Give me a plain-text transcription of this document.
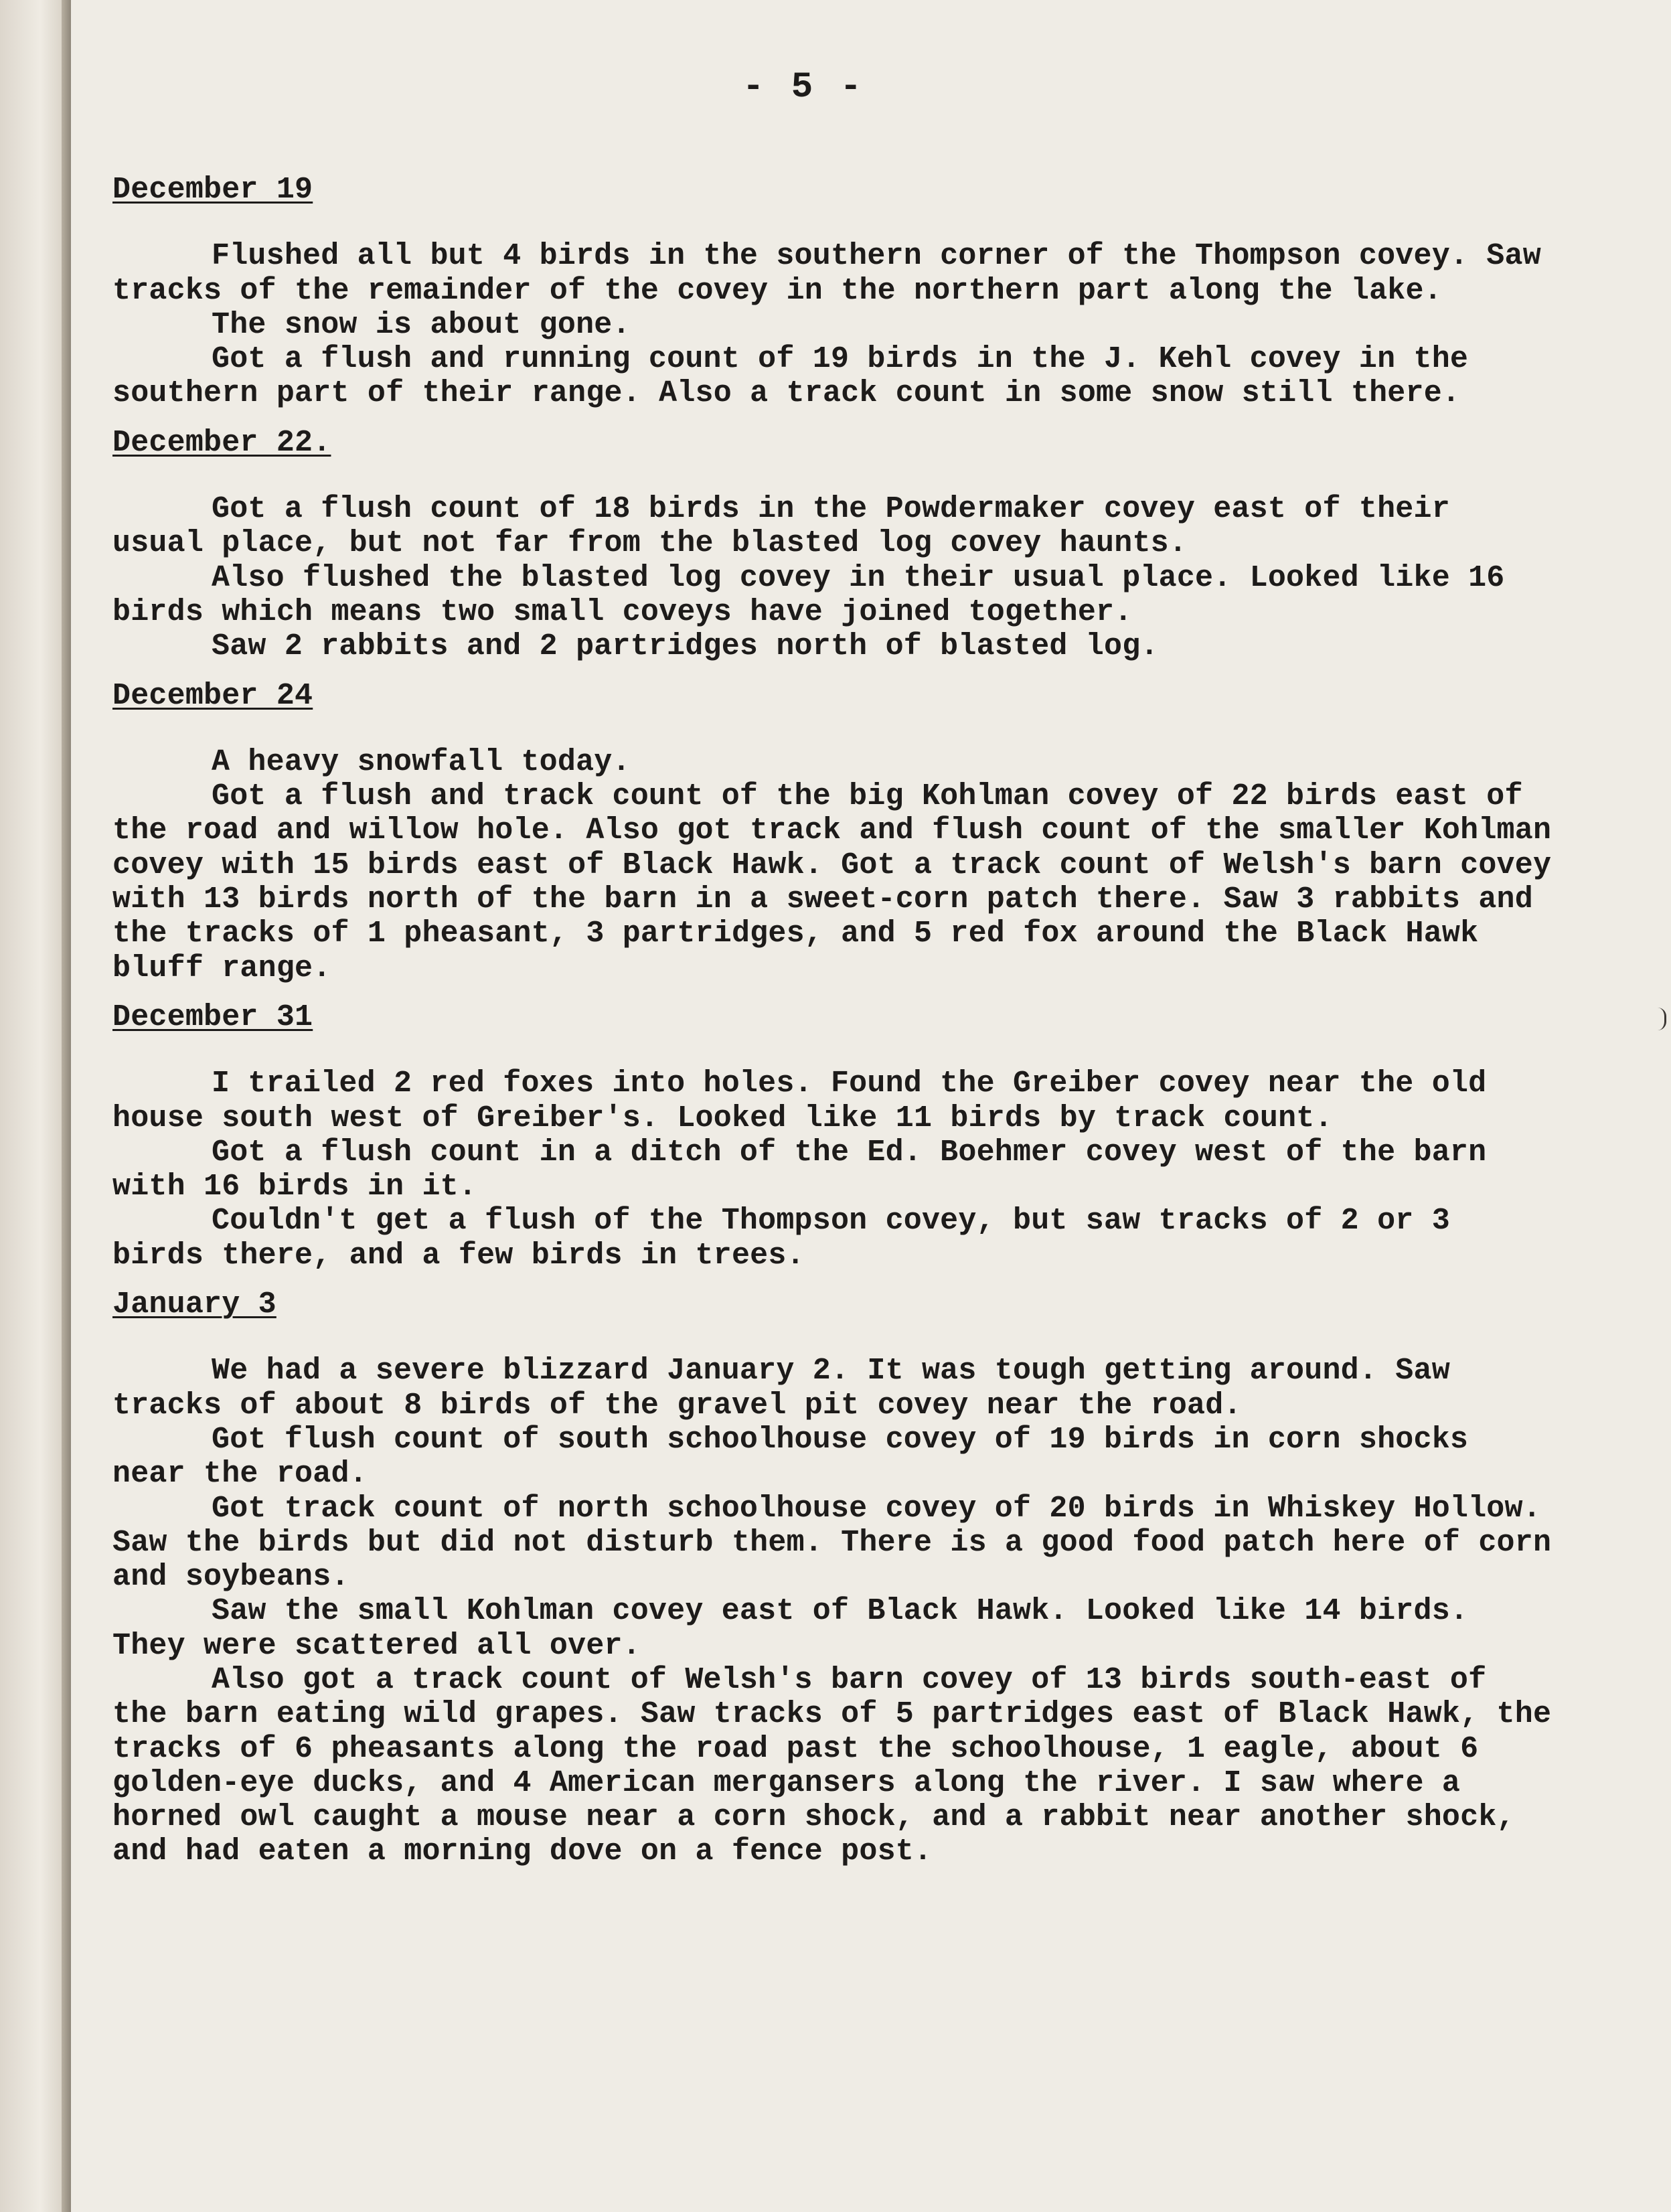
- 5 -
December 19

Flushed all but 4 birds in the southern corner of the Thompson covey. Saw tracks of the remainder of the covey in the northern part along the lake.

The snow is about gone.

Got a flush and running count of 19 birds in the J. Kehl covey in the southern part of their range. Also a track count in some snow still there.

December 22.

Got a flush count of 18 birds in the Powdermaker covey east of their usual place, but not far from the blasted log covey haunts.

Also flushed the blasted log covey in their usual place. Looked like 16 birds which means two small coveys have joined together.

Saw 2 rabbits and 2 partridges north of blasted log.

December 24

A heavy snowfall today.

Got a flush and track count of the big Kohlman covey of 22 birds east of the road and willow hole. Also got track and flush count of the smaller Kohlman covey with 15 birds east of Black Hawk. Got a track count of Welsh's barn covey with 13 birds north of the barn in a sweet-corn patch there. Saw 3 rabbits and the tracks of 1 pheasant, 3 partridges, and 5 red fox around the Black Hawk bluff range.

December 31

I trailed 2 red foxes into holes. Found the Greiber covey near the old house south west of Greiber's. Looked like 11 birds by track count.

Got a flush count in a ditch of the Ed. Boehmer covey west of the barn with 16 birds in it.

Couldn't get a flush of the Thompson covey, but saw tracks of 2 or 3 birds there, and a few birds in trees.

January 3

We had a severe blizzard January 2. It was tough getting around. Saw tracks of about 8 birds of the gravel pit covey near the road.

Got flush count of south schoolhouse covey of 19 birds in corn shocks near the road.

Got track count of north schoolhouse covey of 20 birds in Whiskey Hollow. Saw the birds but did not disturb them. There is a good food patch here of corn and soybeans.

Saw the small Kohlman covey east of Black Hawk. Looked like 14 birds. They were scattered all over.

Also got a track count of Welsh's barn covey of 13 birds south-east of the barn eating wild grapes. Saw tracks of 5 partridges east of Black Hawk, the tracks of 6 pheasants along the road past the schoolhouse, 1 eagle, about 6 golden-eye ducks, and 4 American mergansers along the river. I saw where a horned owl caught a mouse near a corn shock, and a rabbit near another shock, and had eaten a morning dove on a fence post.
